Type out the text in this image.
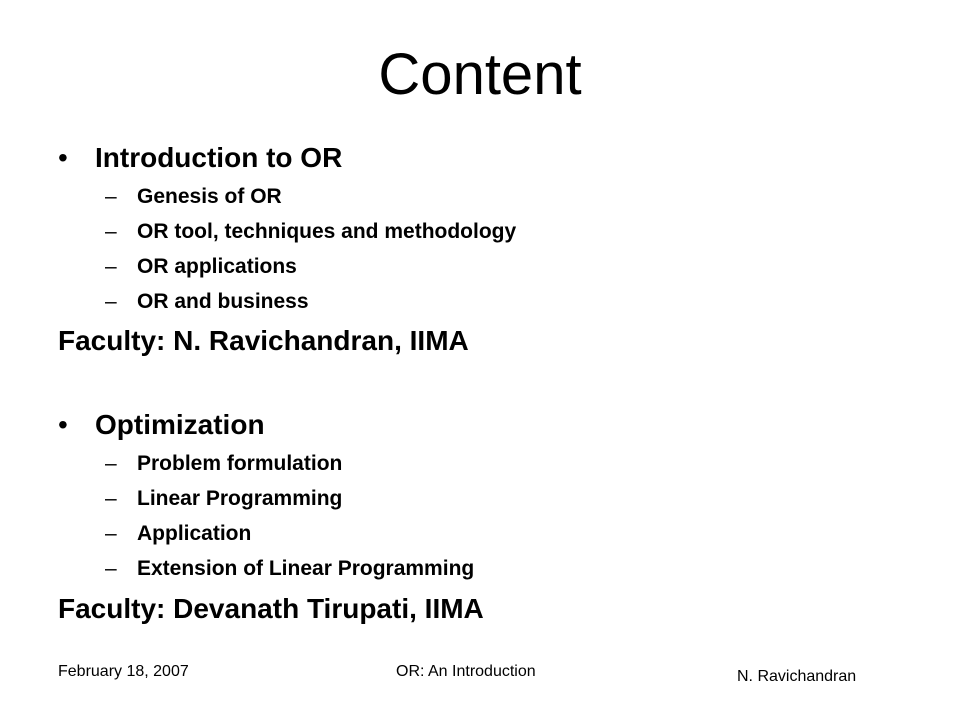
Content
• Introduction to OR
– Genesis of OR
– OR tool, techniques and methodology
– OR applications
– OR and business
Faculty: N. Ravichandran, IIMA
• Optimization
– Problem formulation
– Linear Programming
– Application
– Extension of Linear Programming
Faculty: Devanath Tirupati, IIMA
February 18, 2007	OR: An Introduction	N. Ravichandran
